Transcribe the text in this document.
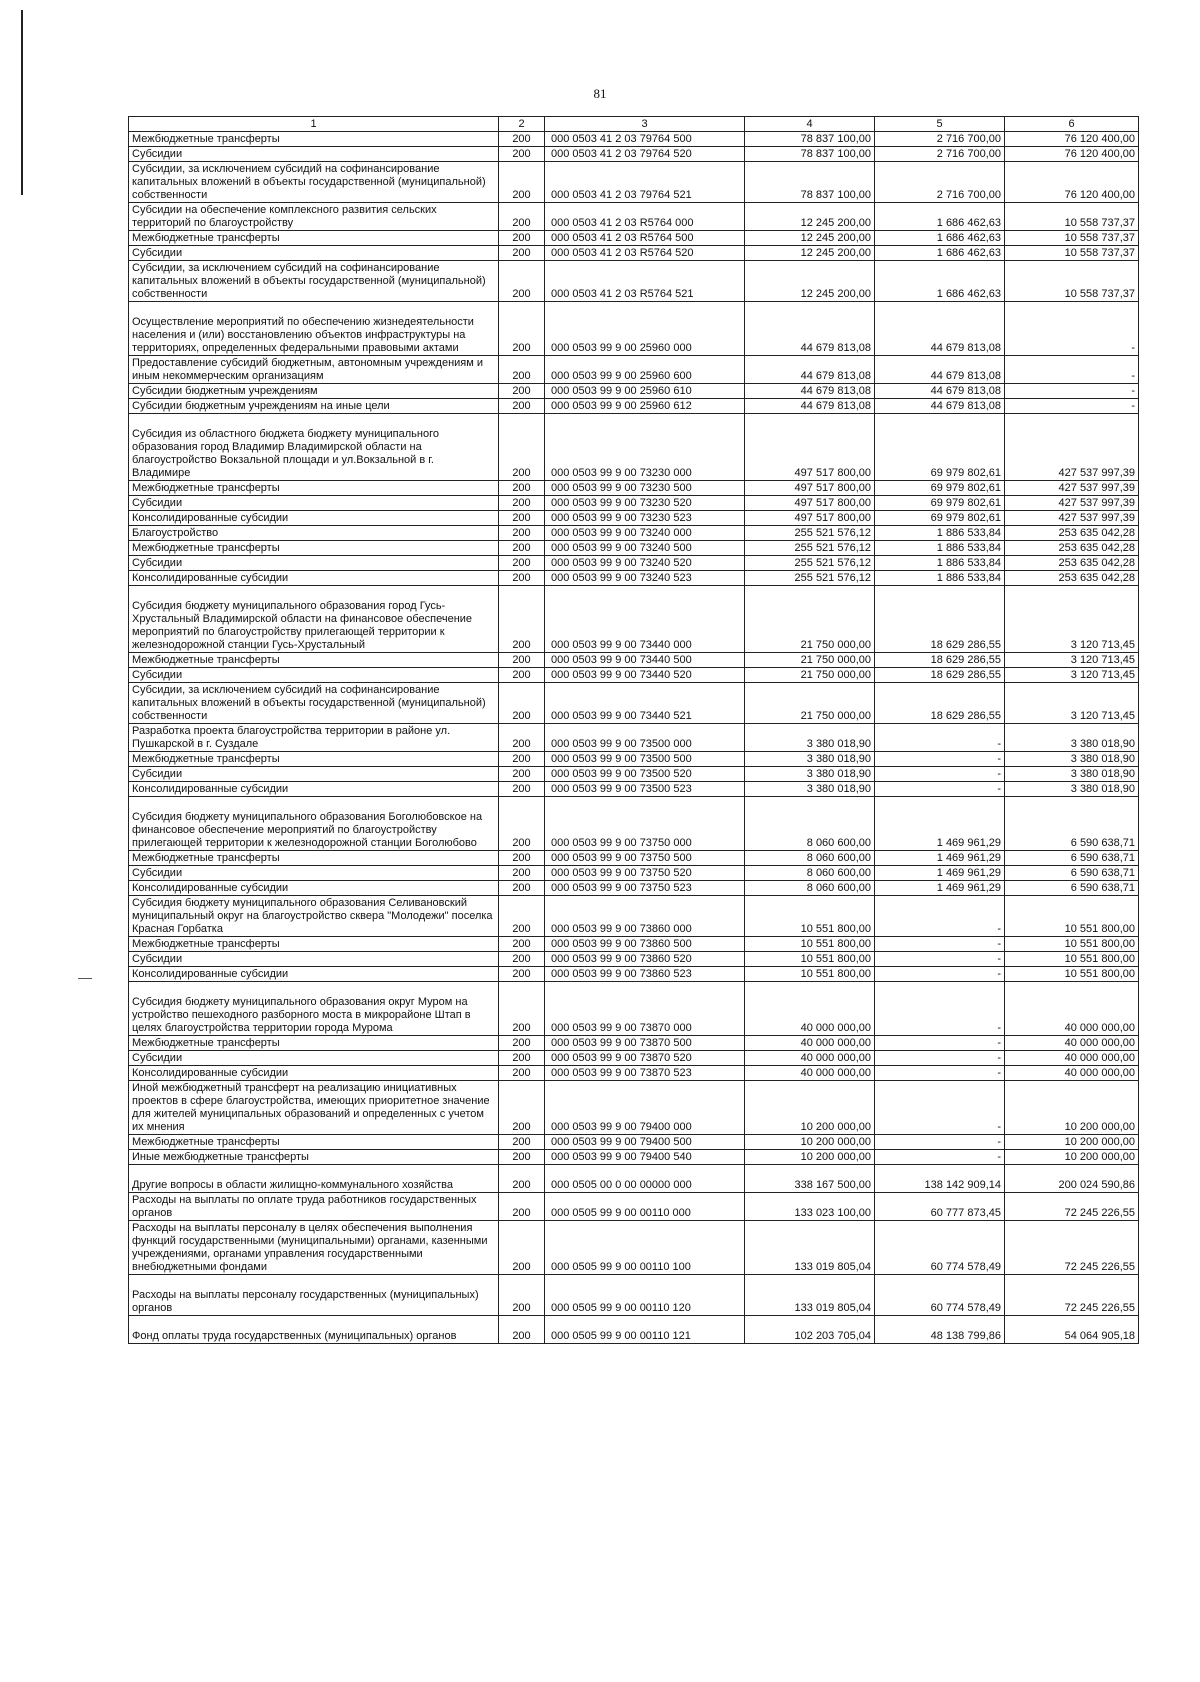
81
1	2	3	4	5	6
Межбюджетные трансферты	200	000 0503 41 2 03 79764 500	78 837 100,00	2 716 700,00	76 120 400,00
Субсидии	200	000 0503 41 2 03 79764 520	78 837 100,00	2 716 700,00	76 120 400,00
Субсидии, за исключением субсидий на софинансирование капитальных вложений в объекты государственной (муниципальной) собственности	200	000 0503 41 2 03 79764 521	78 837 100,00	2 716 700,00	76 120 400,00
Субсидии на обеспечение комплексного развития сельских территорий по благоустройству	200	000 0503 41 2 03 R5764 000	12 245 200,00	1 686 462,63	10 558 737,37
Межбюджетные трансферты	200	000 0503 41 2 03 R5764 500	12 245 200,00	1 686 462,63	10 558 737,37
Субсидии	200	000 0503 41 2 03 R5764 520	12 245 200,00	1 686 462,63	10 558 737,37
Субсидии, за исключением субсидий на софинансирование капитальных вложений в объекты государственной (муниципальной) собственности	200	000 0503 41 2 03 R5764 521	12 245 200,00	1 686 462,63	10 558 737,37
Осуществление мероприятий по обеспечению жизнедеятельности населения и (или) восстановлению объектов инфраструктуры на территориях, определенных федеральными правовыми актами	200	000 0503 99 9 00 25960 000	44 679 813,08	44 679 813,08	-
Предоставление субсидий бюджетным, автономным учреждениям и иным некоммерческим организациям	200	000 0503 99 9 00 25960 600	44 679 813,08	44 679 813,08	-
Субсидии бюджетным учреждениям	200	000 0503 99 9 00 25960 610	44 679 813,08	44 679 813,08	-
Субсидии бюджетным учреждениям на иные цели	200	000 0503 99 9 00 25960 612	44 679 813,08	44 679 813,08	-
Субсидия из областного бюджета бюджету муниципального образования город Владимир Владимирской области на благоустройство Вокзальной площади и ул.Вокзальной в г. Владимире	200	000 0503 99 9 00 73230 000	497 517 800,00	69 979 802,61	427 537 997,39
Межбюджетные трансферты	200	000 0503 99 9 00 73230 500	497 517 800,00	69 979 802,61	427 537 997,39
Субсидии	200	000 0503 99 9 00 73230 520	497 517 800,00	69 979 802,61	427 537 997,39
Консолидированные субсидии	200	000 0503 99 9 00 73230 523	497 517 800,00	69 979 802,61	427 537 997,39
Благоустройство	200	000 0503 99 9 00 73240 000	255 521 576,12	1 886 533,84	253 635 042,28
Межбюджетные трансферты	200	000 0503 99 9 00 73240 500	255 521 576,12	1 886 533,84	253 635 042,28
Субсидии	200	000 0503 99 9 00 73240 520	255 521 576,12	1 886 533,84	253 635 042,28
Консолидированные субсидии	200	000 0503 99 9 00 73240 523	255 521 576,12	1 886 533,84	253 635 042,28
Субсидия бюджету муниципального образования город Гусь-Хрустальный Владимирской области на финансовое обеспечение мероприятий по благоустройству прилегающей территории к железнодорожной станции Гусь-Хрустальный	200	000 0503 99 9 00 73440 000	21 750 000,00	18 629 286,55	3 120 713,45
Межбюджетные трансферты	200	000 0503 99 9 00 73440 500	21 750 000,00	18 629 286,55	3 120 713,45
Субсидии	200	000 0503 99 9 00 73440 520	21 750 000,00	18 629 286,55	3 120 713,45
Субсидии, за исключением субсидий на софинансирование капитальных вложений в объекты государственной (муниципальной) собственности	200	000 0503 99 9 00 73440 521	21 750 000,00	18 629 286,55	3 120 713,45
Разработка проекта благоустройства территории в районе ул. Пушкарской в г. Суздале	200	000 0503 99 9 00 73500 000	3 380 018,90	-	3 380 018,90
Межбюджетные трансферты	200	000 0503 99 9 00 73500 500	3 380 018,90	-	3 380 018,90
Субсидии	200	000 0503 99 9 00 73500 520	3 380 018,90	-	3 380 018,90
Консолидированные субсидии	200	000 0503 99 9 00 73500 523	3 380 018,90	-	3 380 018,90
Субсидия бюджету муниципального образования Боголюбовское на финансовое обеспечение мероприятий по благоустройству прилегающей территории к железнодорожной станции Боголюбово	200	000 0503 99 9 00 73750 000	8 060 600,00	1 469 961,29	6 590 638,71
Межбюджетные трансферты	200	000 0503 99 9 00 73750 500	8 060 600,00	1 469 961,29	6 590 638,71
Субсидии	200	000 0503 99 9 00 73750 520	8 060 600,00	1 469 961,29	6 590 638,71
Консолидированные субсидии	200	000 0503 99 9 00 73750 523	8 060 600,00	1 469 961,29	6 590 638,71
Субсидия бюджету муниципального образования Селивановский муниципальный округ на благоустройство сквера "Молодежи" поселка Красная Горбатка	200	000 0503 99 9 00 73860 000	10 551 800,00	-	10 551 800,00
Межбюджетные трансферты	200	000 0503 99 9 00 73860 500	10 551 800,00	-	10 551 800,00
Субсидии	200	000 0503 99 9 00 73860 520	10 551 800,00	-	10 551 800,00
Консолидированные субсидии	200	000 0503 99 9 00 73860 523	10 551 800,00	-	10 551 800,00
Субсидия бюджету муниципального образования округ Муром на устройство пешеходного разборного моста в микрорайоне Штап в целях благоустройства территории города Мурома	200	000 0503 99 9 00 73870 000	40 000 000,00	-	40 000 000,00
Межбюджетные трансферты	200	000 0503 99 9 00 73870 500	40 000 000,00	-	40 000 000,00
Субсидии	200	000 0503 99 9 00 73870 520	40 000 000,00	-	40 000 000,00
Консолидированные субсидии	200	000 0503 99 9 00 73870 523	40 000 000,00	-	40 000 000,00
Иной межбюджетный трансферт на реализацию инициативных проектов в сфере благоустройства, имеющих приоритетное значение для жителей муниципальных образований и определенных с учетом их мнения	200	000 0503 99 9 00 79400 000	10 200 000,00	-	10 200 000,00
Межбюджетные трансферты	200	000 0503 99 9 00 79400 500	10 200 000,00	-	10 200 000,00
Иные межбюджетные трансферты	200	000 0503 99 9 00 79400 540	10 200 000,00	-	10 200 000,00
Другие вопросы в области жилищно-коммунального хозяйства	200	000 0505 00 0 00 00000 000	338 167 500,00	138 142 909,14	200 024 590,86
Расходы на выплаты по оплате труда работников государственных органов	200	000 0505 99 9 00 00110 000	133 023 100,00	60 777 873,45	72 245 226,55
Расходы на выплаты персоналу в целях обеспечения выполнения функций государственными (муниципальными) органами, казенными учреждениями, органами управления государственными внебюджетными фондами	200	000 0505 99 9 00 00110 100	133 019 805,04	60 774 578,49	72 245 226,55
Расходы на выплаты персоналу государственных (муниципальных) органов	200	000 0505 99 9 00 00110 120	133 019 805,04	60 774 578,49	72 245 226,55
Фонд оплаты труда государственных (муниципальных) органов	200	000 0505 99 9 00 00110 121	102 203 705,04	48 138 799,86	54 064 905,18
